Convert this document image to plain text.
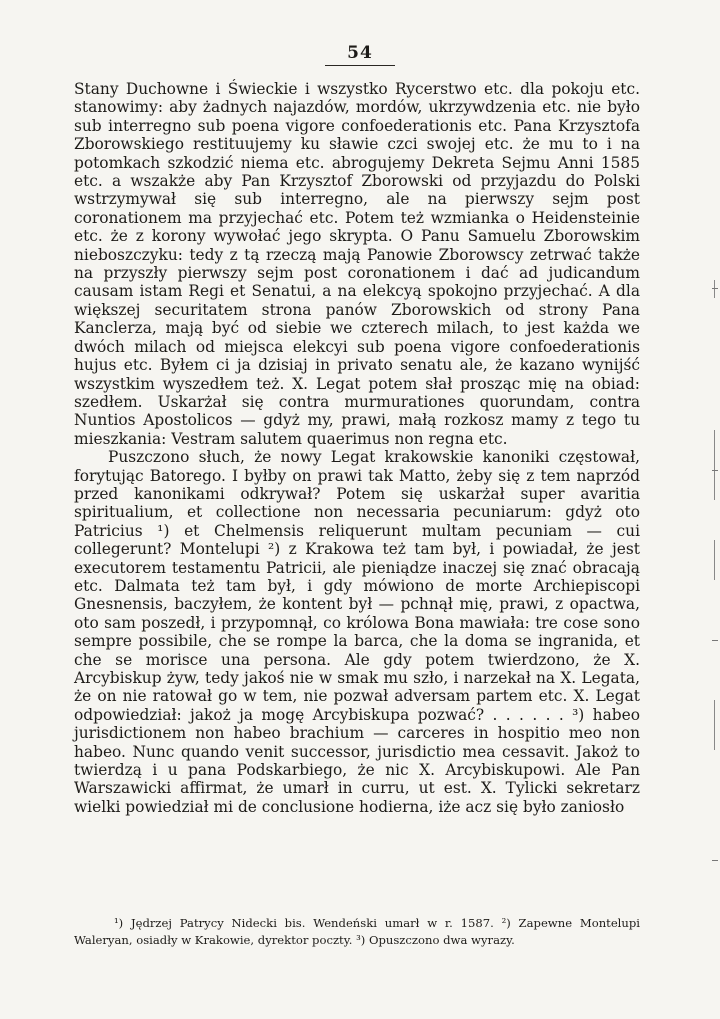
54

Stany Duchowne i Świeckie i wszystko Rycerstwo etc. dla pokoju etc. stanowimy: aby żadnych najazdów, mordów, ukrzywdzenia etc. nie było sub interregno sub poena vigore confoederationis etc. Pana Krzysztofa Zborowskiego restituujemy ku sławie czci swojej etc. że mu to i na potomkach szkodzić niema etc. abrogujemy Dekreta Sejmu Anni 1585 etc. a wszakże aby Pan Krzysztof Zborowski od przyjazdu do Polski wstrzymywał się sub interregno, ale na pierwszy sejm post coronationem ma przyjechać etc. Potem też wzmianka o Heidensteinie etc. że z korony wywołać jego skrypta. O Panu Samuelu Zborowskim nieboszczyku: tedy z tą rzeczą mają Panowie Zborowscy zetrwać także na przyszły pierwszy sejm post coronationem i dać ad judicandum causam istam Regi et Senatui, a na elekcyą spokojno przyjechać. A dla większej securitatem strona panów Zborowskich od strony Pana Kanclerza, mają być od siebie we czterech milach, to jest każda we dwóch milach od miejsca elekcyi sub poena vigore confoederationis hujus etc. Byłem ci ja dzisiaj in privato senatu ale, że kazano wynijść wszystkim wyszedłem też. X. Legat potem słał prosząc mię na obiad: szedłem. Uskarżał się contra murmurationes quorundam, contra Nuntios Apostolicos — gdyż my, prawi, małą rozkosz mamy z tego tu mieszkania: Vestram salutem quaerimus non regna etc.

Puszczono słuch, że nowy Legat krakowskie kanoniki częstował, forytując Batorego. I byłby on prawi tak Matto, żeby się z tem naprzód przed kanonikami odkrywał? Potem się uskarżał super avaritia spiritualium, et collectione non necessaria pecuniarum: gdyż oto Patricius ¹) et Chelmensis reliquerunt multam pecuniam — cui collegerunt? Montelupi ²) z Krakowa też tam był, i powiadał, że jest executorem testamentu Patricii, ale pieniądze inaczej się znać obracają etc. Dalmata też tam był, i gdy mówiono de morte Archiepiscopi Gnesnensis, baczyłem, że kontent był — pchnął mię, prawi, z opactwa, oto sam poszedł, i przypomnął, co królowa Bona mawiała: tre cose sono sempre possibile, che se rompe la barca, che la doma se ingranida, et che se morisce una persona. Ale gdy potem twierdzono, że X. Arcybiskup żyw, tedy jakoś nie w smak mu szło, i narzekał na X. Legata, że on nie ratował go w tem, nie pozwał adversam partem etc. X. Legat odpowiedział: jakoż ja mogę Arcybiskupa pozwać? . . . . . . ³) habeo jurisdictionem non habeo brachium — carceres in hospitio meo non habeo. Nunc quando venit successor, jurisdictio mea cessavit. Jakoż to twierdzą i u pana Podskarbiego, że nic X. Arcybiskupowi. Ale Pan Warszawicki affirmat, że umarł in curru, ut est. X. Tylicki sekretarz wielki powiedział mi de conclusione hodierna, iże acz się było zaniosło

¹) Jędrzej Patrycy Nidecki bis. Wendeński umarł w r. 1587. ²) Zapewne Montelupi Waleryan, osiadły w Krakowie, dyrektor poczty. ³) Opuszczono dwa wyrazy.
